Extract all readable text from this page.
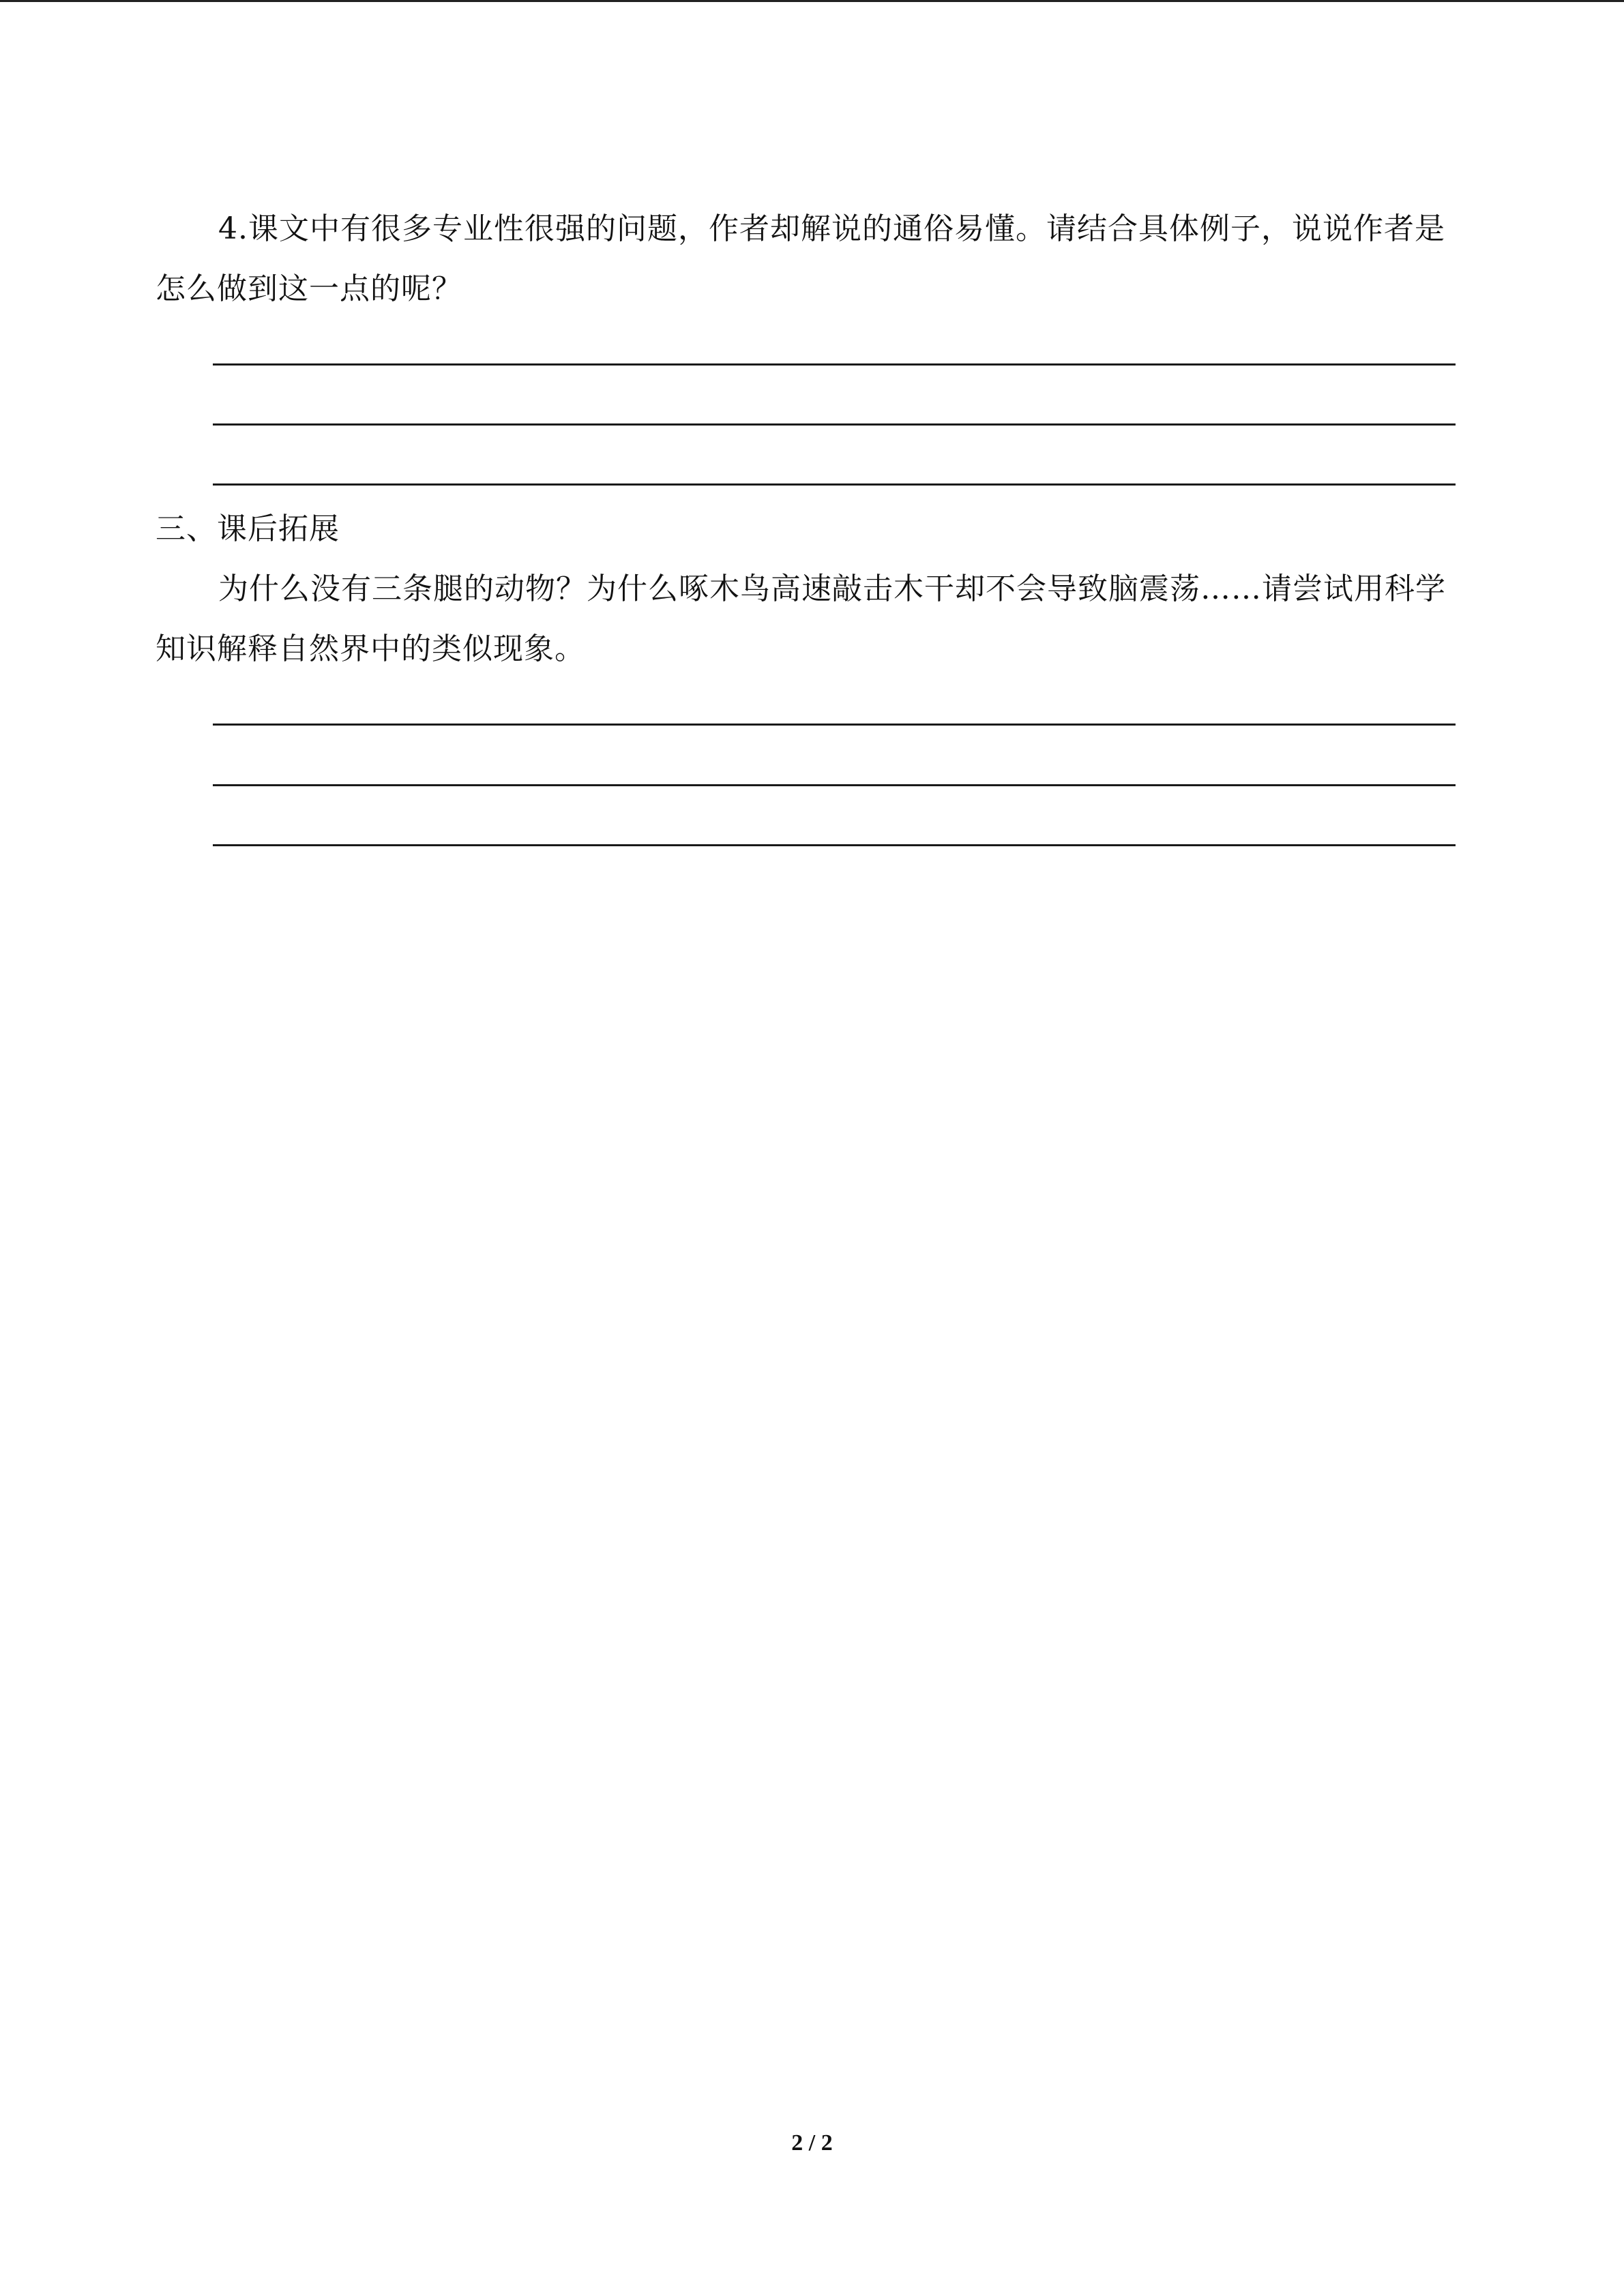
4.课文中有很多专业性很强的问题，作者却解说的通俗易懂。请结合具体例子，说说作者是怎么做到这一点的呢？

三、课后拓展

为什么没有三条腿的动物？为什么啄木鸟高速敲击木干却不会导致脑震荡……请尝试用科学知识解释自然界中的类似现象。

2 / 2
